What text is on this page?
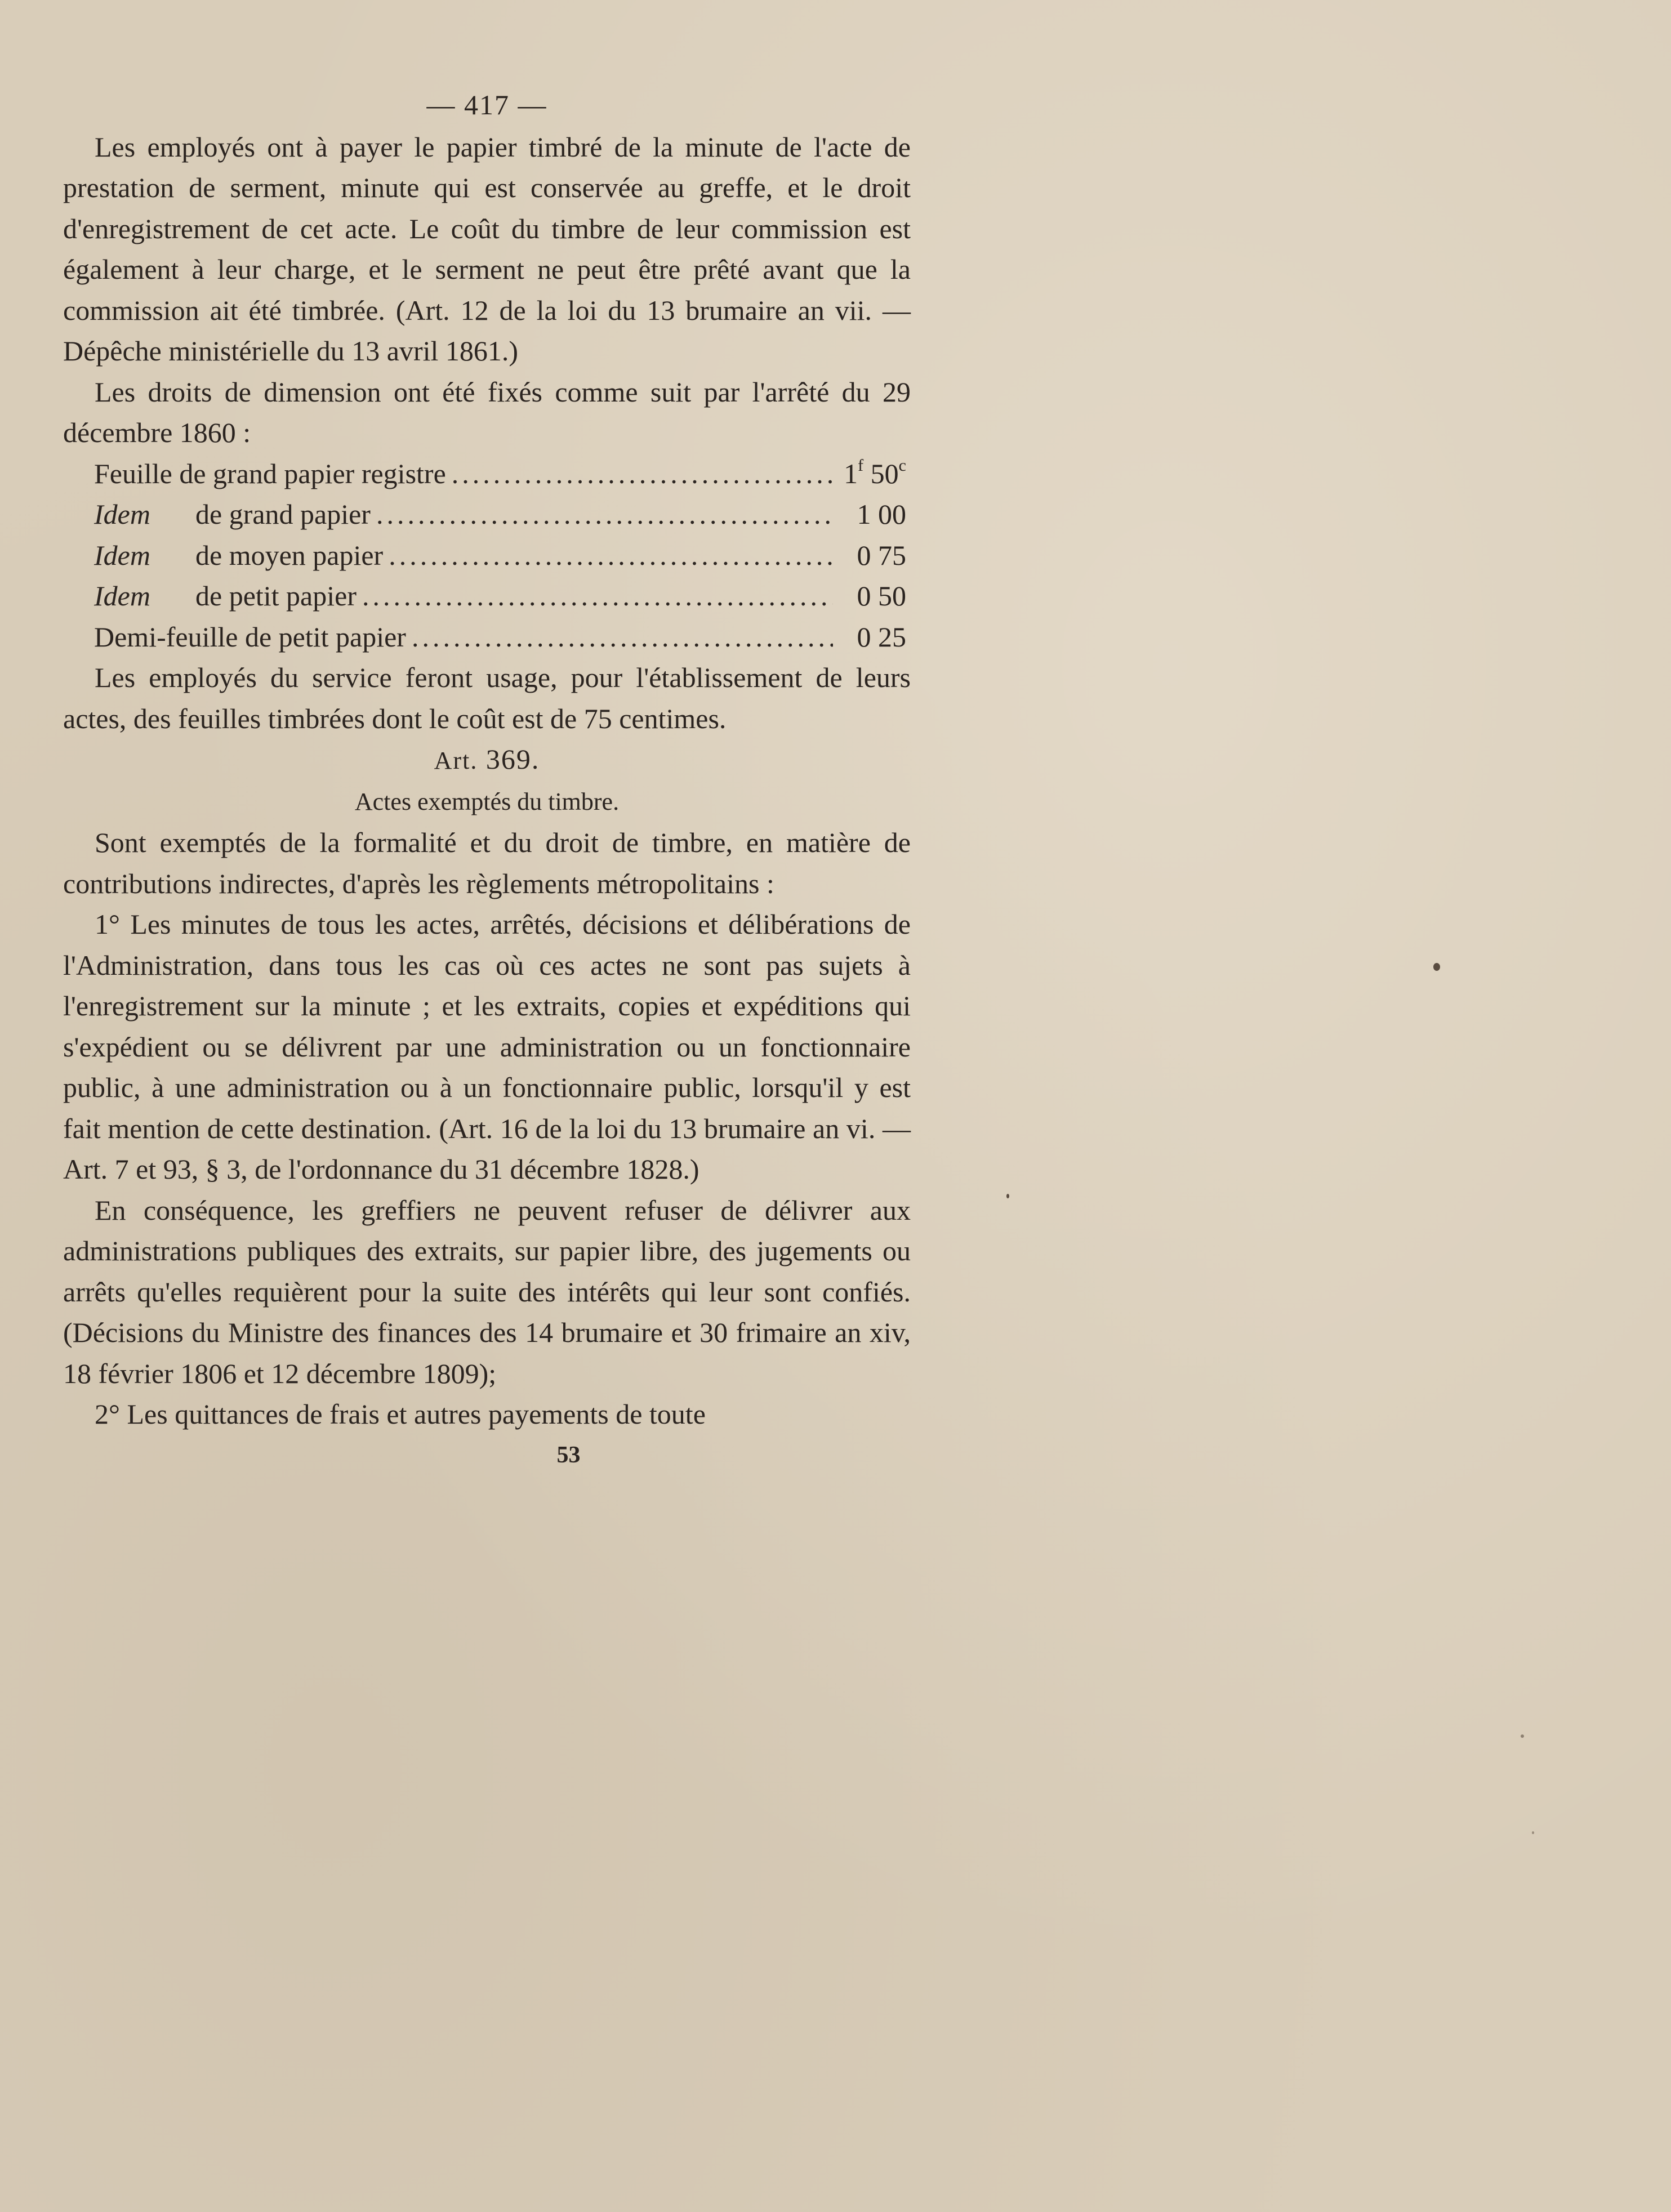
— 417 —

Les employés ont à payer le papier timbré de la minute de l'acte de prestation de serment, minute qui est conservée au greffe, et le droit d'enregistrement de cet acte. Le coût du timbre de leur commission est également à leur charge, et le serment ne peut être prêté avant que la commission ait été timbrée. (Art. 12 de la loi du 13 brumaire an vii. — Dépêche ministérielle du 13 avril 1861.)

Les droits de dimension ont été fixés comme suit par l'arrêté du 29 décembre 1860 :

Feuille de grand papier registre .....	1$^f$ 50$^c$
Idem de grand papier .....	1 00
Idem de moyen papier .....	0 75
Idem de petit papier .....	0 50
Demi-feuille de petit papier .....	0 25

Les employés du service feront usage, pour l'établissement de leurs actes, des feuilles timbrées dont le coût est de 75 centimes.

Art. 369.

Actes exemptés du timbre.

Sont exemptés de la formalité et du droit de timbre, en matière de contributions indirectes, d'après les règlements métropolitains :

1° Les minutes de tous les actes, arrêtés, décisions et délibérations de l'Administration, dans tous les cas où ces actes ne sont pas sujets à l'enregistrement sur la minute ; et les extraits, copies et expéditions qui s'expédient ou se délivrent par une administration ou un fonctionnaire public, à une administration ou à un fonctionnaire public, lorsqu'il y est fait mention de cette destination. (Art. 16 de la loi du 13 brumaire an vi. — Art. 7 et 93, § 3, de l'ordonnance du 31 décembre 1828.)

En conséquence, les greffiers ne peuvent refuser de délivrer aux administrations publiques des extraits, sur papier libre, des jugements ou arrêts qu'elles requièrent pour la suite des intérêts qui leur sont confiés. (Décisions du Ministre des finances des 14 brumaire et 30 frimaire an xiv, 18 février 1806 et 12 décembre 1809);

2° Les quittances de frais et autres payements de toute

53
